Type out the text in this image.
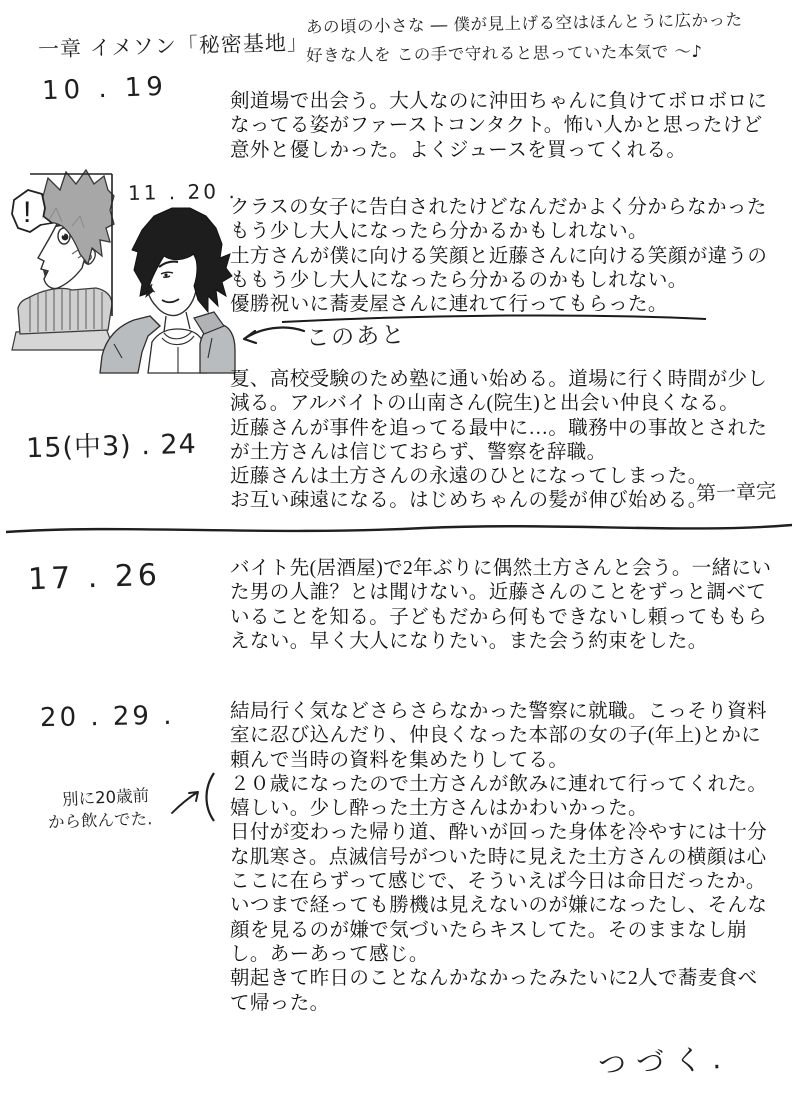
一章 イメソン「秘密基地」
あの頃の小さな ― 僕が見上げる空はほんとうに広かった
好きな人を この手で守れると思っていた本気で 〜♪
10 . 19	剣道場で出会う。大人なのに沖田ちゃんに負けてボロボロに
なってる姿がファーストコンタクト。怖い人かと思ったけど
意外と優しかった。よくジュースを買ってくれる。
!
11 . 20 .
クラスの女子に告白されたけどなんだかよく分からなかった
もう少し大人になったら分かるかもしれない。
土方さんが僕に向ける笑顔と近藤さんに向ける笑顔が違うの
ももう少し大人になったら分かるのかもしれない。
優勝祝いに蕎麦屋さんに連れて行ってもらった。
このあと
15(中3) . 24
夏、高校受験のため塾に通い始める。道場に行く時間が少し
減る。アルバイトの山南さん(院生)と出会い仲良くなる。
近藤さんが事件を追ってる最中に…。職務中の事故とされた
が土方さんは信じておらず、警察を辞職。
近藤さんは土方さんの永遠のひとになってしまった。
お互い疎遠になる。はじめちゃんの髪が伸び始める。
第一章完
17 . 26	バイト先(居酒屋)で2年ぶりに偶然土方さんと会う。一緒にい
た男の人誰？とは聞けない。近藤さんのことをずっと調べて
いることを知る。子どもだから何もできないし頼ってももら
えない。早く大人になりたい。また会う約束をした。
20 . 29 .	結局行く気などさらさらなかった警察に就職。こっそり資料
室に忍び込んだり、仲良くなった本部の女の子(年上)とかに
頼んで当時の資料を集めたりしてる。
２０歳になったので土方さんが飲みに連れて行ってくれた。
嬉しい。少し酔った土方さんはかわいかった。
日付が変わった帰り道、酔いが回った身体を冷やすには十分
な肌寒さ。点滅信号がついた時に見えた土方さんの横顔は心
ここに在らずって感じで、そういえば今日は命日だったか。
いつまで経っても勝機は見えないのが嫌になったし、そんな
顔を見るのが嫌で気づいたらキスしてた。そのままなし崩
し。あーあって感じ。
朝起きて昨日のことなんかなかったみたいに2人で蕎麦食べ
て帰った。
別に20歳前
から飲んでた.
つづく.
